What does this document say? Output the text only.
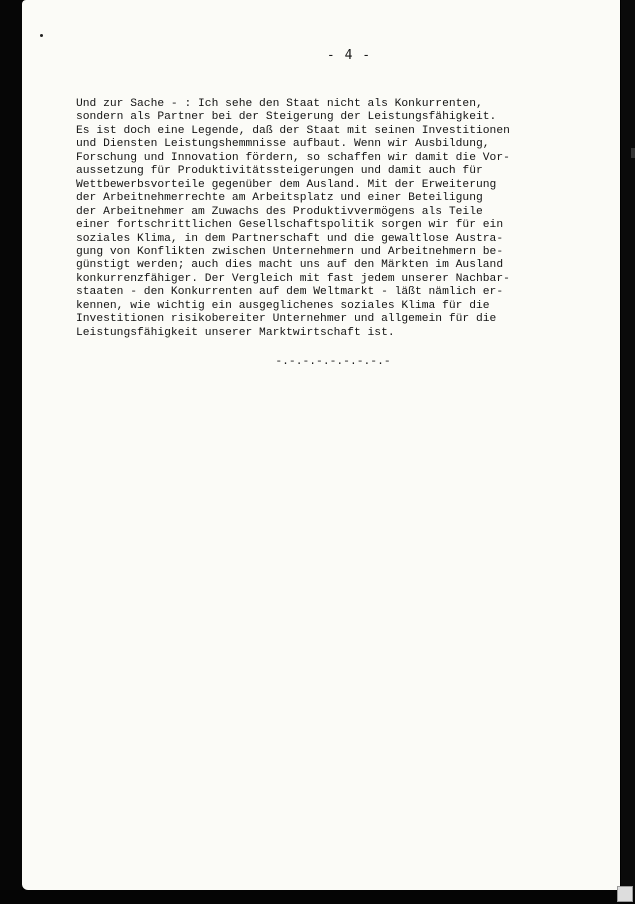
- 4 -
Und zur Sache - : Ich sehe den Staat nicht als Konkurrenten,
sondern als Partner bei der Steigerung der Leistungsfähigkeit.
Es ist doch eine Legende, daß der Staat mit seinen Investitionen
und Diensten Leistungshemmnisse aufbaut. Wenn wir Ausbildung,
Forschung und Innovation fördern, so schaffen wir damit die Vor-
aussetzung für Produktivitätssteigerungen und damit auch für
Wettbewerbsvorteile gegenüber dem Ausland. Mit der Erweiterung
der Arbeitnehmerrechte am Arbeitsplatz und einer Beteiligung
der Arbeitnehmer am Zuwachs des Produktivvermögens als Teile
einer fortschrittlichen Gesellschaftspolitik sorgen wir für ein
soziales Klima, in dem Partnerschaft und die gewaltlose Austra-
gung von Konflikten zwischen Unternehmern und Arbeitnehmern be-
günstigt werden; auch dies macht uns auf den Märkten im Ausland
konkurrenzfähiger. Der Vergleich mit fast jedem unserer Nachbar-
staaten - den Konkurrenten auf dem Weltmarkt - läßt nämlich er-
kennen, wie wichtig ein ausgeglichenes soziales Klima für die
Investitionen risikobereiter Unternehmer und allgemein für die
Leistungsfähigkeit unserer Marktwirtschaft ist.
-.-.-.-.-.-.-.-.-
